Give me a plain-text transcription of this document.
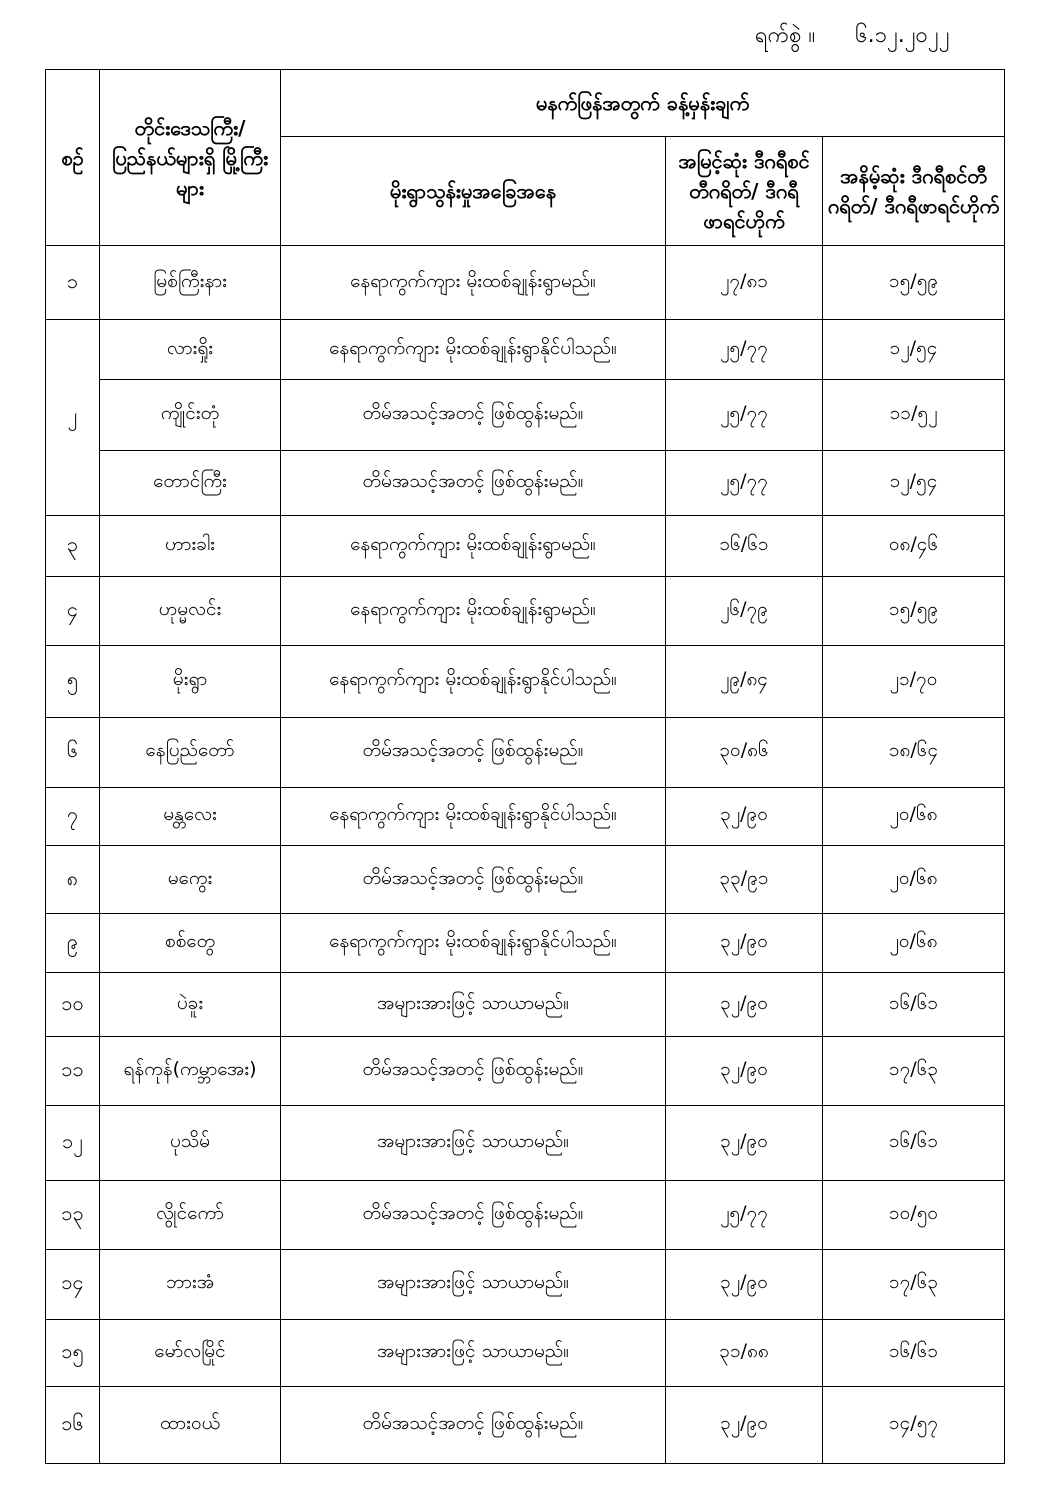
ရက်စွဲ ။ ၆.၁၂.၂၀၂၂
စဉ်	တိုင်းဒေသကြီး/ ပြည်နယ်များရှိ မြို့ကြီးများ	မနက်ဖြန်အတွက် ခန့်မှန်းချက်		
		မိုးရွာသွန်းမှုအခြေအနေ	အမြင့်ဆုံး ဒီဂရီစင်တီဂရိတ်/ ဒီဂရီဖာရင်ဟိုက်	အနိမ့်ဆုံး ဒီဂရီစင်တီဂရိတ်/ ဒီဂရီဖာရင်ဟိုက်
၁	မြစ်ကြီးနား	နေရာကွက်ကျား မိုးထစ်ချုန်းရွာမည်။	၂၇/၈၁	၁၅/၅၉
၂	လားရှိုး	နေရာကွက်ကျား မိုးထစ်ချုန်းရွာနိုင်ပါသည်။	၂၅/၇၇	၁၂/၅၄
	ကျိုင်းတုံ	တိမ်အသင့်အတင့် ဖြစ်ထွန်းမည်။	၂၅/၇၇	၁၁/၅၂
	တောင်ကြီး	တိမ်အသင့်အတင့် ဖြစ်ထွန်းမည်။	၂၅/၇၇	၁၂/၅၄
၃	ဟားခါး	နေရာကွက်ကျား မိုးထစ်ချုန်းရွာမည်။	၁၆/၆၁	၀၈/၄၆
၄	ဟုမ္မလင်း	နေရာကွက်ကျား မိုးထစ်ချုန်းရွာမည်။	၂၆/၇၉	၁၅/၅၉
၅	မိုးရွာ	နေရာကွက်ကျား မိုးထစ်ချုန်းရွာနိုင်ပါသည်။	၂၉/၈၄	၂၁/၇၀
၆	နေပြည်တော်	တိမ်အသင့်အတင့် ဖြစ်ထွန်းမည်။	၃၀/၈၆	၁၈/၆၄
၇	မန္တလေး	နေရာကွက်ကျား မိုးထစ်ချုန်းရွာနိုင်ပါသည်။	၃၂/၉၀	၂၀/၆၈
၈	မကွေး	တိမ်အသင့်အတင့် ဖြစ်ထွန်းမည်။	၃၃/၉၁	၂၀/၆၈
၉	စစ်တွေ	နေရာကွက်ကျား မိုးထစ်ချုန်းရွာနိုင်ပါသည်။	၃၂/၉၀	၂၀/၆၈
၁၀	ပဲခူး	အများအားဖြင့် သာယာမည်။	၃၂/၉၀	၁၆/၆၁
၁၁	ရန်ကုန်(ကမ္ဘာအေး)	တိမ်အသင့်အတင့် ဖြစ်ထွန်းမည်။	၃၂/၉၀	၁၇/၆၃
၁၂	ပုသိမ်	အများအားဖြင့် သာယာမည်။	၃၂/၉၀	၁၆/၆၁
၁၃	လွိုင်ကော်	တိမ်အသင့်အတင့် ဖြစ်ထွန်းမည်။	၂၅/၇၇	၁၀/၅၀
၁၄	ဘားအံ	အများအားဖြင့် သာယာမည်။	၃၂/၉၀	၁၇/၆၃
၁၅	မော်လမြိုင်	အများအားဖြင့် သာယာမည်။	၃၁/၈၈	၁၆/၆၁
၁၆	ထားဝယ်	တိမ်အသင့်အတင့် ဖြစ်ထွန်းမည်။	၃၂/၉၀	၁၄/၅၇
